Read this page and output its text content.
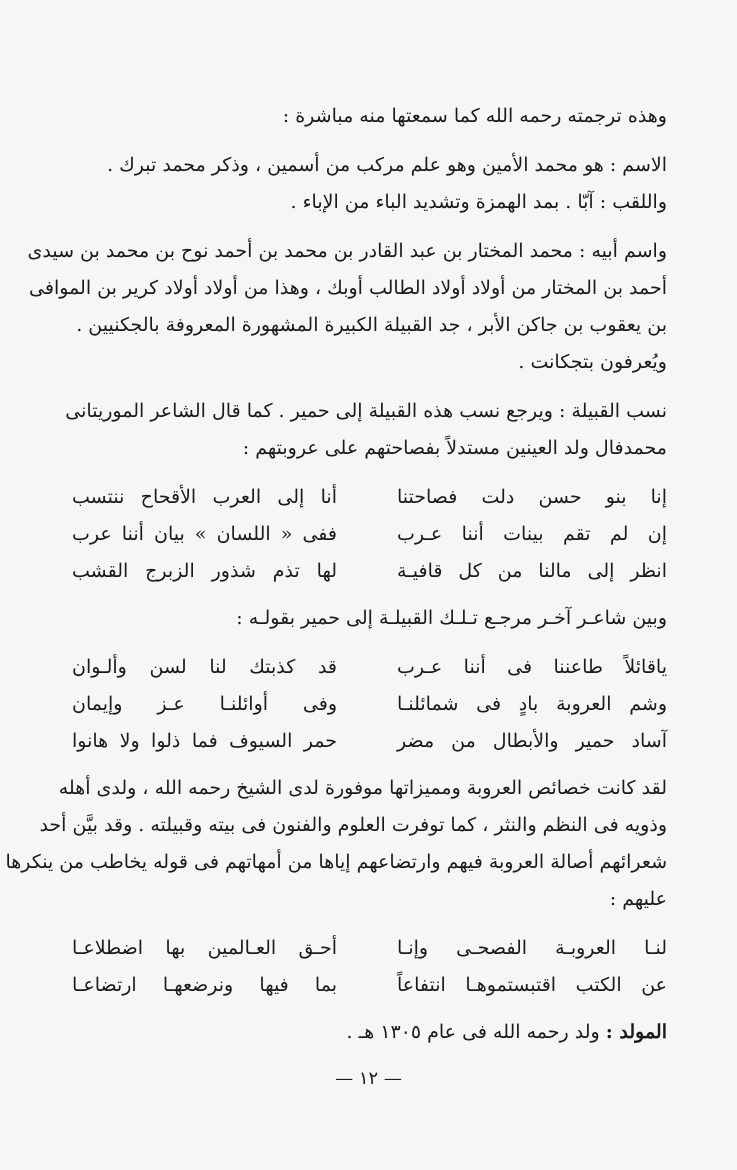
وهذه ترجمته رحمه الله كما سمعتها منه مباشرة :

الاسم : هو محمد الأمين وهو علم مركب من أسمين ، وذكر محمد تبرك .
واللقب : آبّا . بمد الهمزة وتشديد الباء من الإباء .

واسم أبيه : محمد المختار بن عبد القادر بن محمد بن أحمد نوح بن محمد بن سيدى
أحمد بن المختار من أولاد أولاد الطالب أوبك ، وهذا من أولاد أولاد كرير بن الموافى
بن يعقوب بن جاكن الأبر ، جد القبيلة الكبيرة المشهورة المعروفة بالجكنيين .
ويُعرفون بتجكانت .

نسب القبيلة : ويرجع نسب هذه القبيلة إلى حمير . كما قال الشاعر الموريتانى
محمدفال ولد العينين مستدلاً بفصاحتهم على عروبتهم :

إنا بنو حسن دلت فصاحتنا
أنا إلى العرب الأقحاح ننتسب
إن لم تقم بينات أننا عـرب
ففى « اللسان » بيان أننا عرب
انظر إلى مالنا من كل قافيـة
لها تذم شذور الزبرج القشب

وبين شاعـر آخـر مرجـع تـلـك القبيلـة إلى حمير بقولـه :

ياقائلاً طاعننا فى أننا عـرب
قد كذبتك لنا لسن وألـوان
وشم العروبة بادٍ فى شمائلنـا
وفى أوائلنـا عـز وإيمان
آساد حمير والأبطال من مضر
حمر السيوف فما ذلوا ولا هانوا

لقد كانت خصائص العروبة ومميزاتها موفورة لدى الشيخ رحمه الله ، ولدى أهله
وذويه فى النظم والنثر ، كما توفرت العلوم والفنون فى بيته وقبيلته . وقد بيَّن أحد
شعرائهم أصالة العروبة فيهم وارتضاعهم إياها من أمهاتهم فى قوله يخاطب من ينكرها
عليهم :

لنـا العروبـة الفصحـى وإنـا
أحـق العـالمين بها اضطلاعـا
عن الكتب اقتبستموهـا انتفاعاً
بما فيها ونرضعهـا ارتضاعـا

المولد : ولد رحمه الله فى عام ١٣٠٥ هـ .

— ١٢ —
